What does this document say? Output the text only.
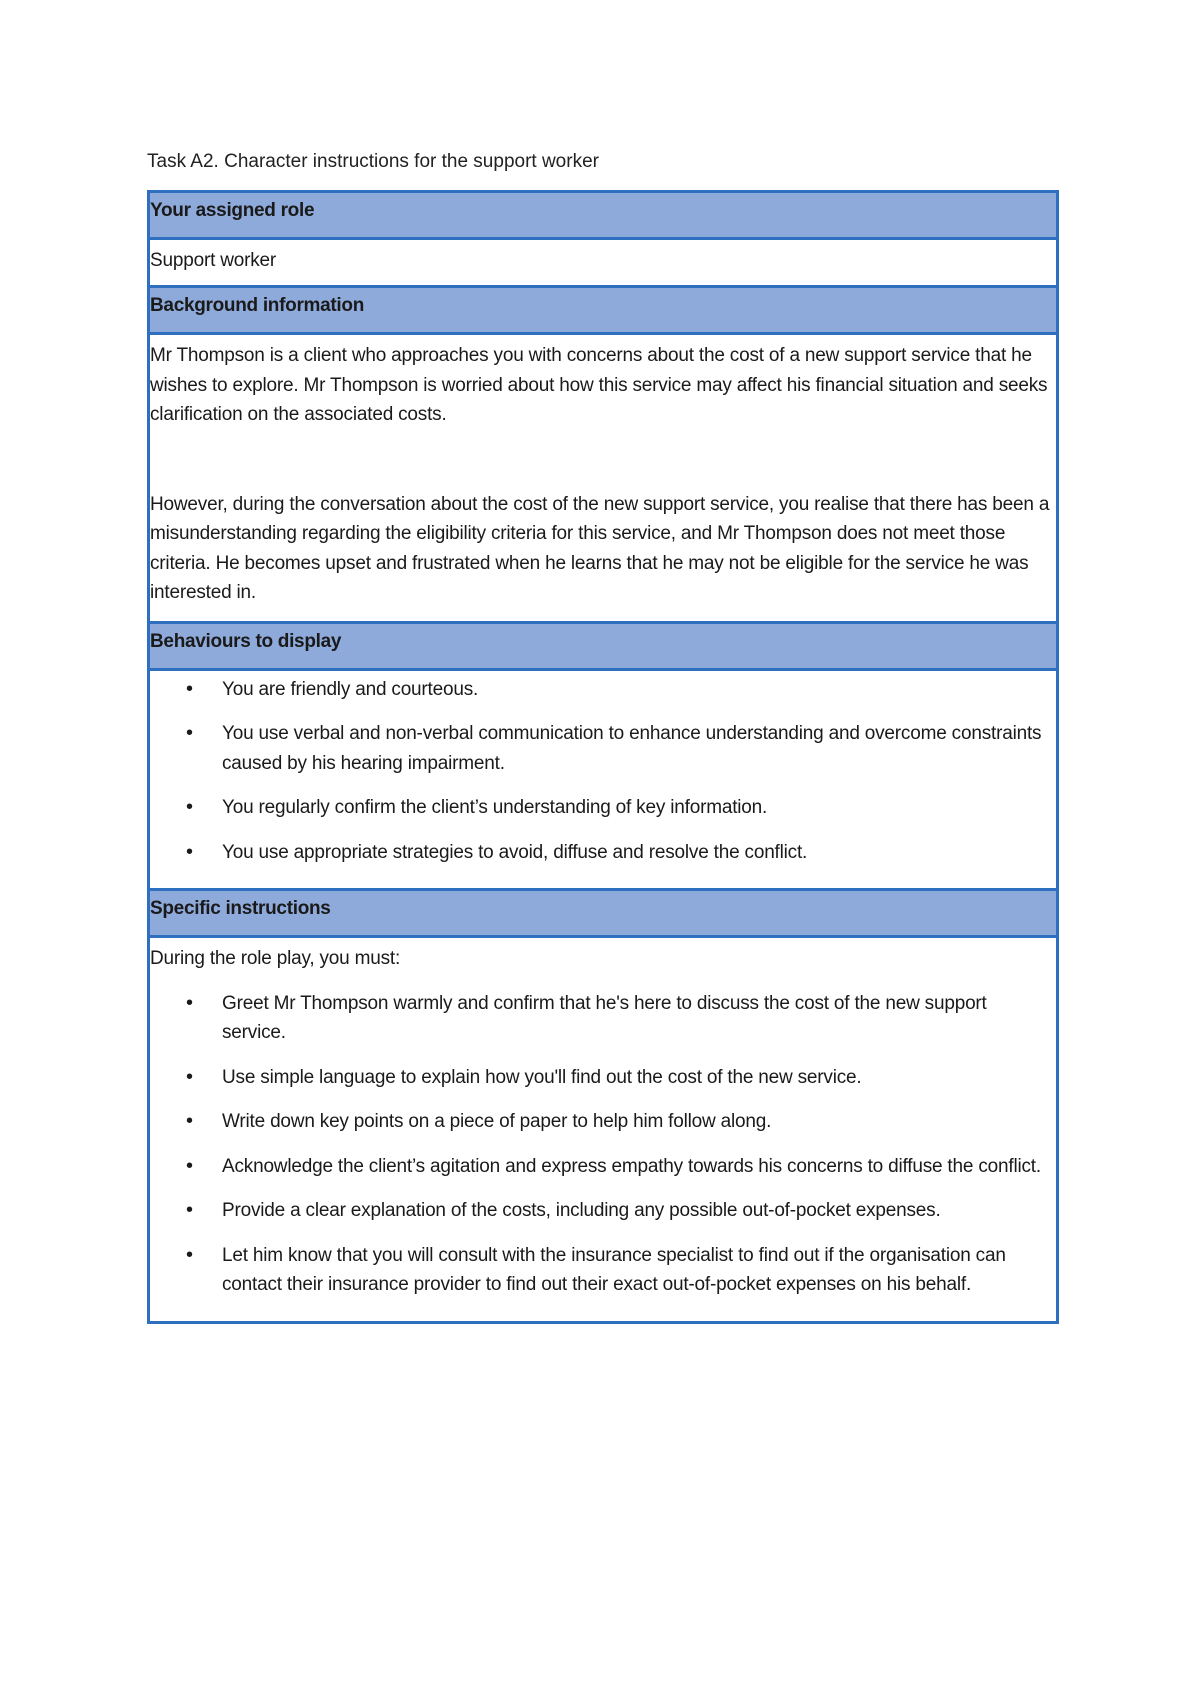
Task A2. Character instructions for the support worker
Your assigned role
Support worker
Background information

Mr Thompson is a client who approaches you with concerns about the cost of a new support service that he wishes to explore. Mr Thompson is worried about how this service may affect his financial situation and seeks clarification on the associated costs.

However, during the conversation about the cost of the new support service, you realise that there has been a misunderstanding regarding the eligibility criteria for this service, and Mr Thompson does not meet those criteria. He becomes upset and frustrated when he learns that he may not be eligible for the service he was interested in.

Behaviours to display
• You are friendly and courteous.
• You use verbal and non-verbal communication to enhance understanding and overcome constraints caused by his hearing impairment.
• You regularly confirm the client’s understanding of key information.
• You use appropriate strategies to avoid, diffuse and resolve the conflict.
Specific instructions

During the role play, you must:

• Greet Mr Thompson warmly and confirm that he's here to discuss the cost of the new support service.
• Use simple language to explain how you'll find out the cost of the new service.
• Write down key points on a piece of paper to help him follow along.
• Acknowledge the client’s agitation and express empathy towards his concerns to diffuse the conflict.
• Provide a clear explanation of the costs, including any possible out-of-pocket expenses.
• Let him know that you will consult with the insurance specialist to find out if the organisation can contact their insurance provider to find out their exact out-of-pocket expenses on his behalf.
